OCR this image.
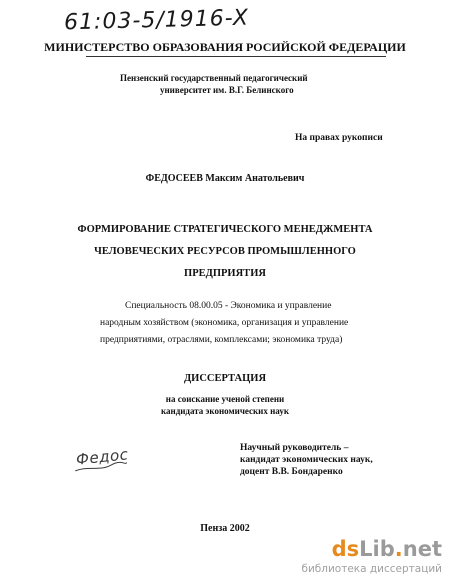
61:03-5/1916-X
МИНИСТЕРСТВО ОБРАЗОВАНИЯ РОСИЙСКОЙ ФЕДЕРАЦИИ
Пензенский государственный педагогический
университет им. В.Г. Белинского
На правах рукописи
ФЕДОСЕЕВ Максим Анатольевич
ФОРМИРОВАНИЕ СТРАТЕГИЧЕСКОГО МЕНЕДЖМЕНТА
ЧЕЛОВЕЧЕСКИХ РЕСУРСОВ ПРОМЫШЛЕННОГО
ПРЕДПРИЯТИЯ
Специальность 08.00.05 - Экономика и управление
народным хозяйством (экономика, организация и управление
предприятиями, отраслями, комплексами; экономика труда)
ДИССЕРТАЦИЯ
на соискание ученой степени
кандидата экономических наук
Федос	Научный руководитель –
кандидат экономических наук,
доцент В.В. Бондаренко
Пенза 2002
dsLib.net
библиотека диссертаций
